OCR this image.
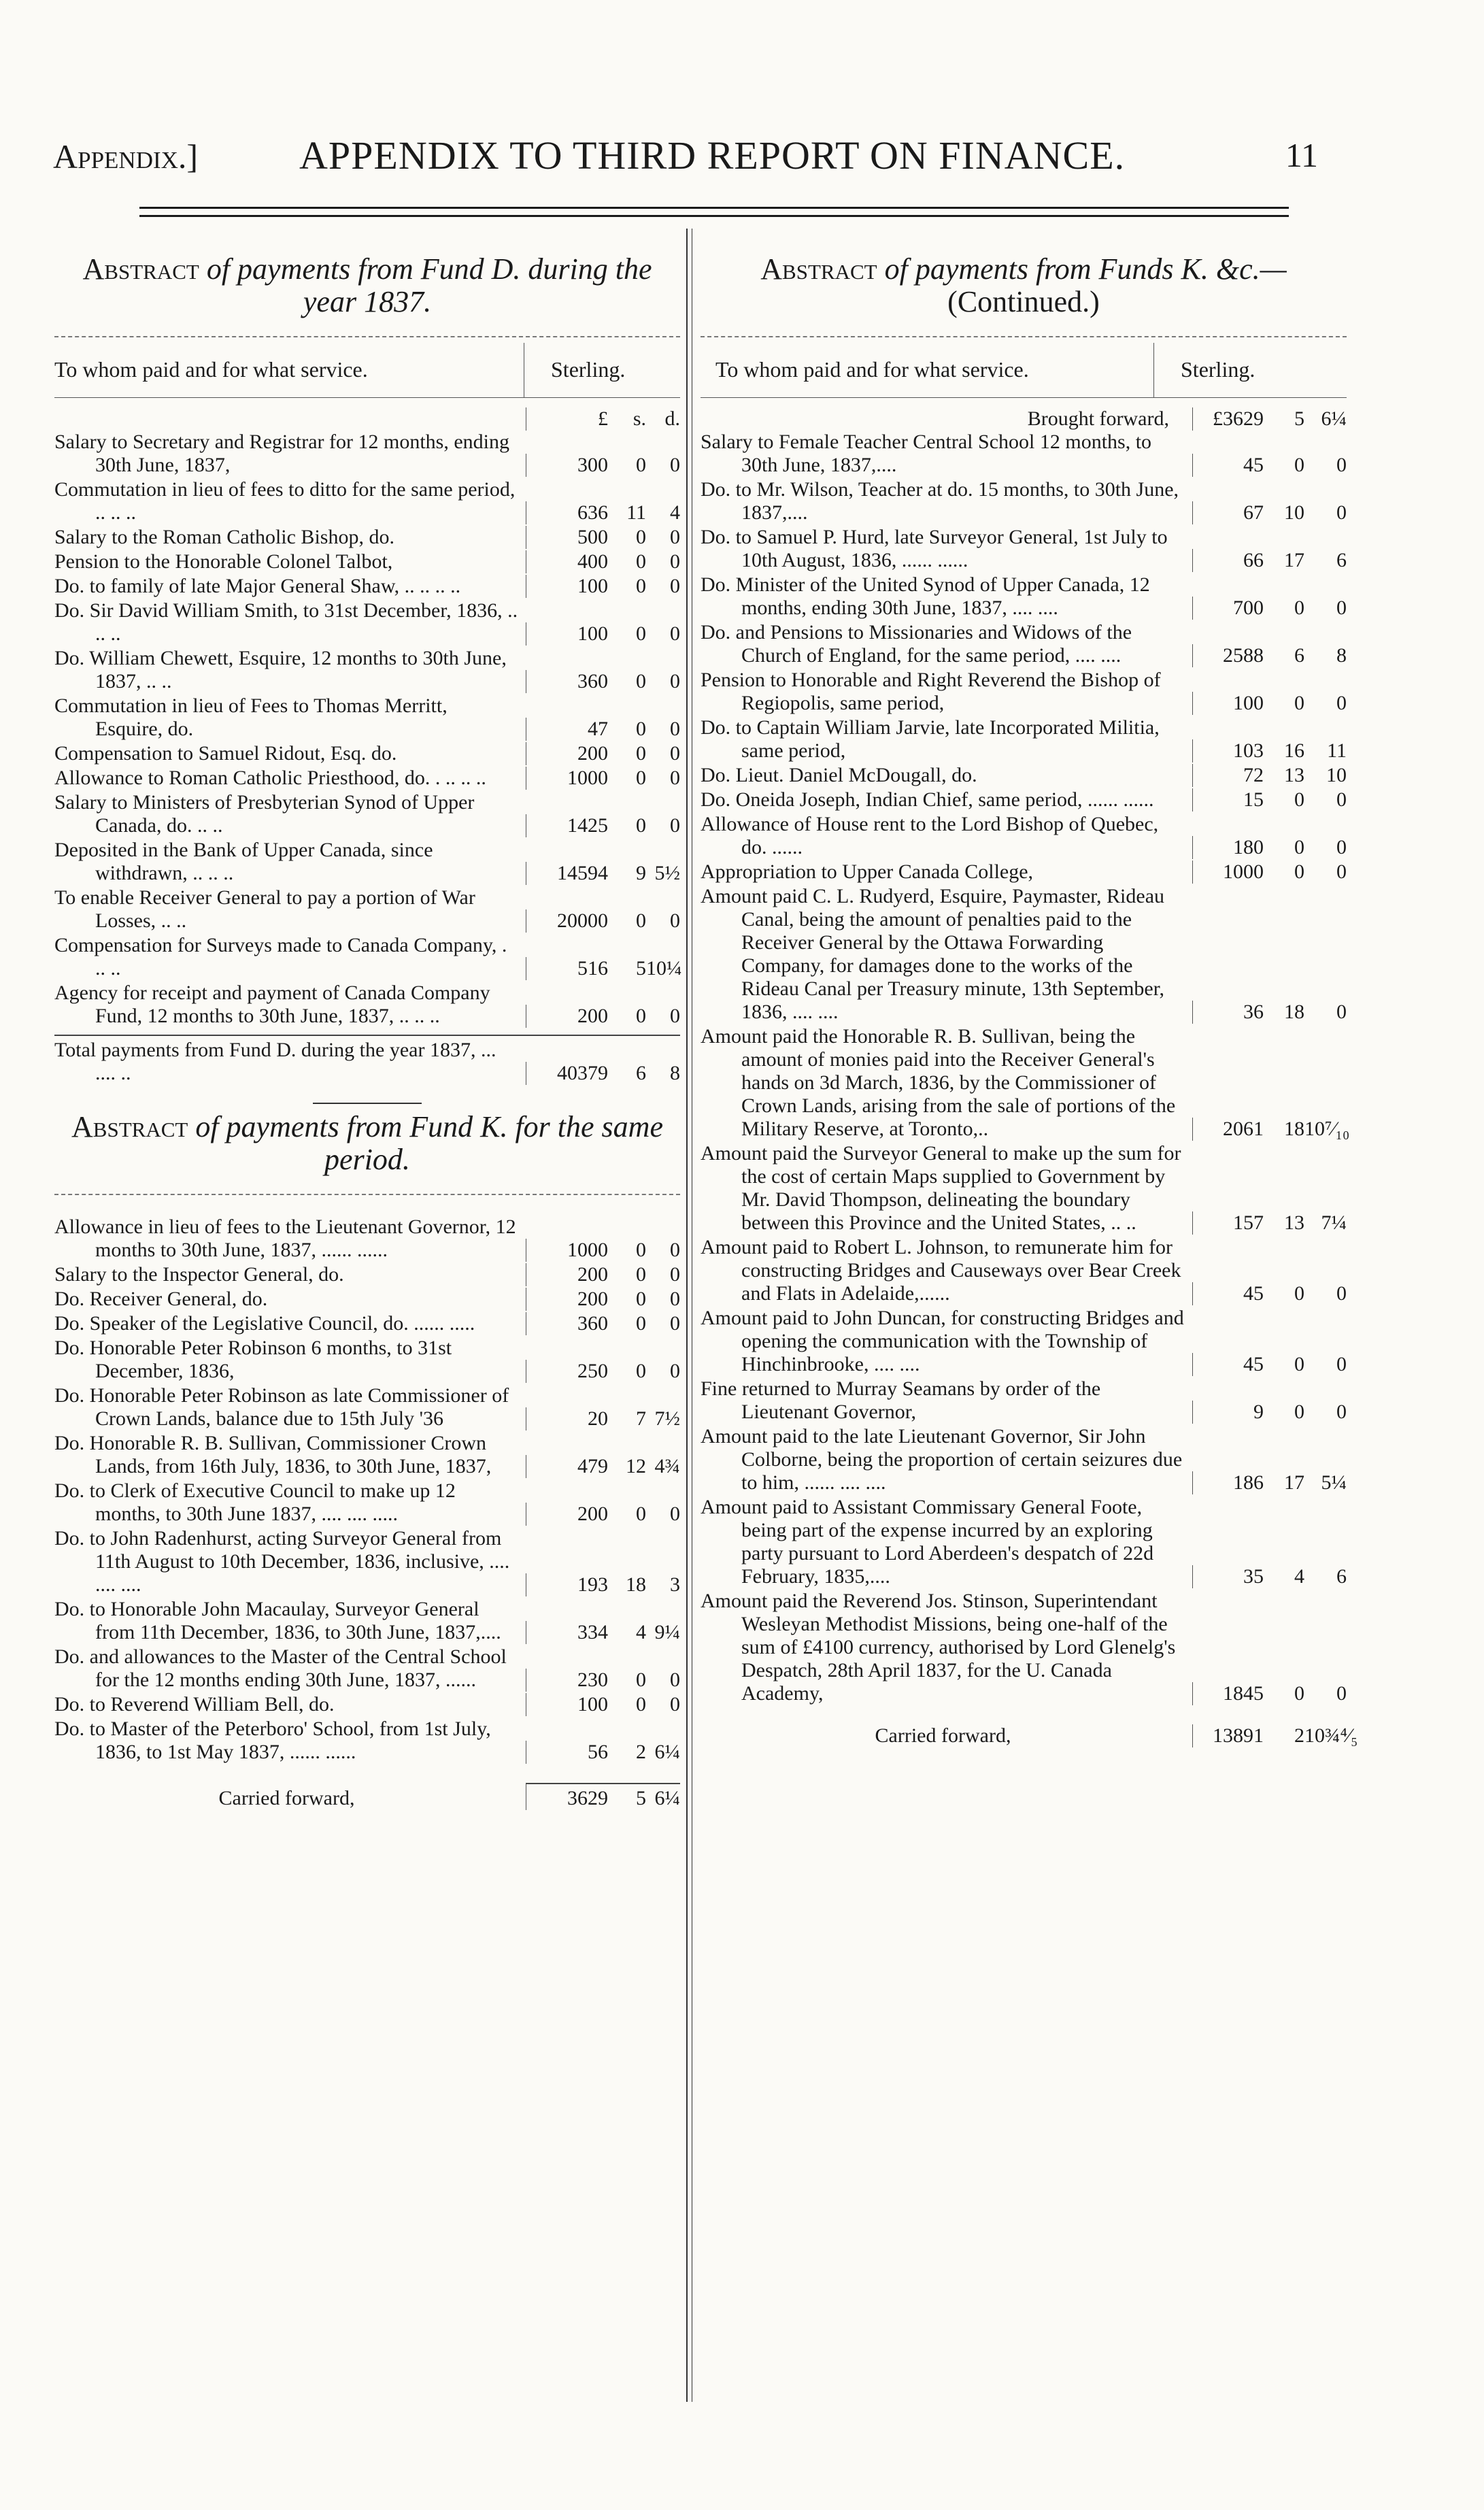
Appendix.]	APPENDIX TO THIRD REPORT ON FINANCE.	11
Abstract of payments from Fund D. during the year 1837.
To whom paid and for what service.	Sterling.
£	s. d.
Salary to Secretary and Registrar for 12 months, ending 30th June, 1837,	300	0	0
Commutation in lieu of fees to ditto for the same period, .. .. ..	636 11	4
Salary to the Roman Catholic Bishop, do.	500	0	0
Pension to the Honorable Colonel Talbot,	400	0	0
Do. to family of late Major General Shaw, .. .. .. ..	100	0	0
Do. Sir David William Smith, to 31st December, 1836, .. .. ..	100	0	0
Do. William Chewett, Esquire, 12 months to 30th June, 1837, .. ..	360	0	0
Commutation in lieu of Fees to Thomas Merritt, Esquire, do.	47	0	0
Compensation to Samuel Ridout, Esq. do.	200	0	0
Allowance to Roman Catholic Priesthood, do. . .. .. ..	1000	0	0
Salary to Ministers of Presbyterian Synod of Upper Canada, do. .. ..	1425	0	0
Deposited in the Bank of Upper Canada, since withdrawn, .. .. ..	14594	9 5½
To enable Receiver General to pay a portion of War Losses, .. ..	20000	0	0
Compensation for Surveys made to Canada Company, . .. ..	516	5 10¼
Agency for receipt and payment of Canada Company Fund, 12 months to 30th June, 1837, .. .. ..	200	0	0
Total payments from Fund D. during the year 1837, ... .... ..	40379	6	8
Abstract of payments from Fund K. for the same period.
Allowance in lieu of fees to the Lieutenant Governor, 12 months to 30th June, 1837, ...... ......	1000	0	0
Salary to the Inspector General, do.	200	0	0
Do. Receiver General, do.	200	0	0
Do. Speaker of the Legislative Council, do. ...... .....	360	0	0
Do. Honorable Peter Robinson 6 months, to 31st December, 1836,	250	0	0
Do. Honorable Peter Robinson as late Commissioner of Crown Lands, balance due to 15th July '36	20	7 7½
Do. Honorable R. B. Sullivan, Commissioner Crown Lands, from 16th July, 1836, to 30th June, 1837,	479 12 4¾
Do. to Clerk of Executive Council to make up 12 months, to 30th June 1837, .... .... .....	200	0	0
Do. to John Radenhurst, acting Surveyor General from 11th August to 10th December, 1836, inclusive, .... .... ....	193 18	3
Do. to Honorable John Macaulay, Surveyor General from 11th December, 1836, to 30th June, 1837,....	334	4 9¼
Do. and allowances to the Master of the Central School for the 12 months ending 30th June, 1837, ......	230	0	0
Do. to Reverend William Bell, do.	100	0	0
Do. to Master of the Peterboro' School, from 1st July, 1836, to 1st May 1837, ...... ......	56	2 6¼
Carried forward,	3629	5 6¼
Abstract of payments from Funds K. &c.—
(Continued.)
To whom paid and for what service.	Sterling.
Brought forward,	£3629	5 6¼
Salary to Female Teacher Central School 12 months, to 30th June, 1837,....	45	0	0
Do. to Mr. Wilson, Teacher at do. 15 months, to 30th June, 1837,....	67	10	0
Do. to Samuel P. Hurd, late Surveyor General, 1st July to 10th August, 1836, ...... ......	66	17	6
Do. Minister of the United Synod of Upper Canada, 12 months, ending 30th June, 1837, .... ....	700	0	0
Do. and Pensions to Missionaries and Widows of the Church of England, for the same period, .... ....	2588	6	8
Pension to Honorable and Right Reverend the Bishop of Regiopolis, same period,	100	0	0
Do. to Captain William Jarvie, late Incorporated Militia, same period,	103	16	11
Do. Lieut. Daniel McDougall, do.	72	13	10
Do. Oneida Joseph, Indian Chief, same period, ...... ......	15	0	0
Allowance of House rent to the Lord Bishop of Quebec, do. ......	180	0	0
Appropriation to Upper Canada College,	1000	0	0
Amount paid C. L. Rudyerd, Esquire, Paymaster, Rideau Canal, being the amount of penalties paid to the Receiver General by the Ottawa Forwarding Company, for damages done to the works of the Rideau Canal per Treasury minute, 13th September, 1836, .... ....	36	18	0
Amount paid the Honorable R. B. Sullivan, being the amount of monies paid into the Receiver General's hands on 3d March, 1836, by the Commissioner of Crown Lands, arising from the sale of portions of the Military Reserve, at Toronto,..	2061	18 10⁷⁄₁₀
Amount paid the Surveyor General to make up the sum for the cost of certain Maps supplied to Government by Mr. David Thompson, delineating the boundary between this Province and the United States, .. ..	157	13 7¼
Amount paid to Robert L. Johnson, to remunerate him for constructing Bridges and Causeways over Bear Creek and Flats in Adelaide,......	45	0	0
Amount paid to John Duncan, for constructing Bridges and opening the communication with the Township of Hinchinbrooke, .... ....	45	0	0
Fine returned to Murray Seamans by order of the Lieutenant Governor,	9	0	0
Amount paid to the late Lieutenant Governor, Sir John Colborne, being the proportion of certain seizures due to him, ...... .... ....	186	17 5¼
Amount paid to Assistant Commissary General Foote, being part of the expense incurred by an exploring party pursuant to Lord Aberdeen's despatch of 22d February, 1835,....	35	4	6
Amount paid the Reverend Jos. Stinson, Superintendant Wesleyan Methodist Missions, being one-half of the sum of £4100 currency, authorised by Lord Glenelg's Despatch, 28th April 1837, for the U. Canada Academy,	1845	0	0
Carried forward,	13891	2 10¾⁴⁄₅
